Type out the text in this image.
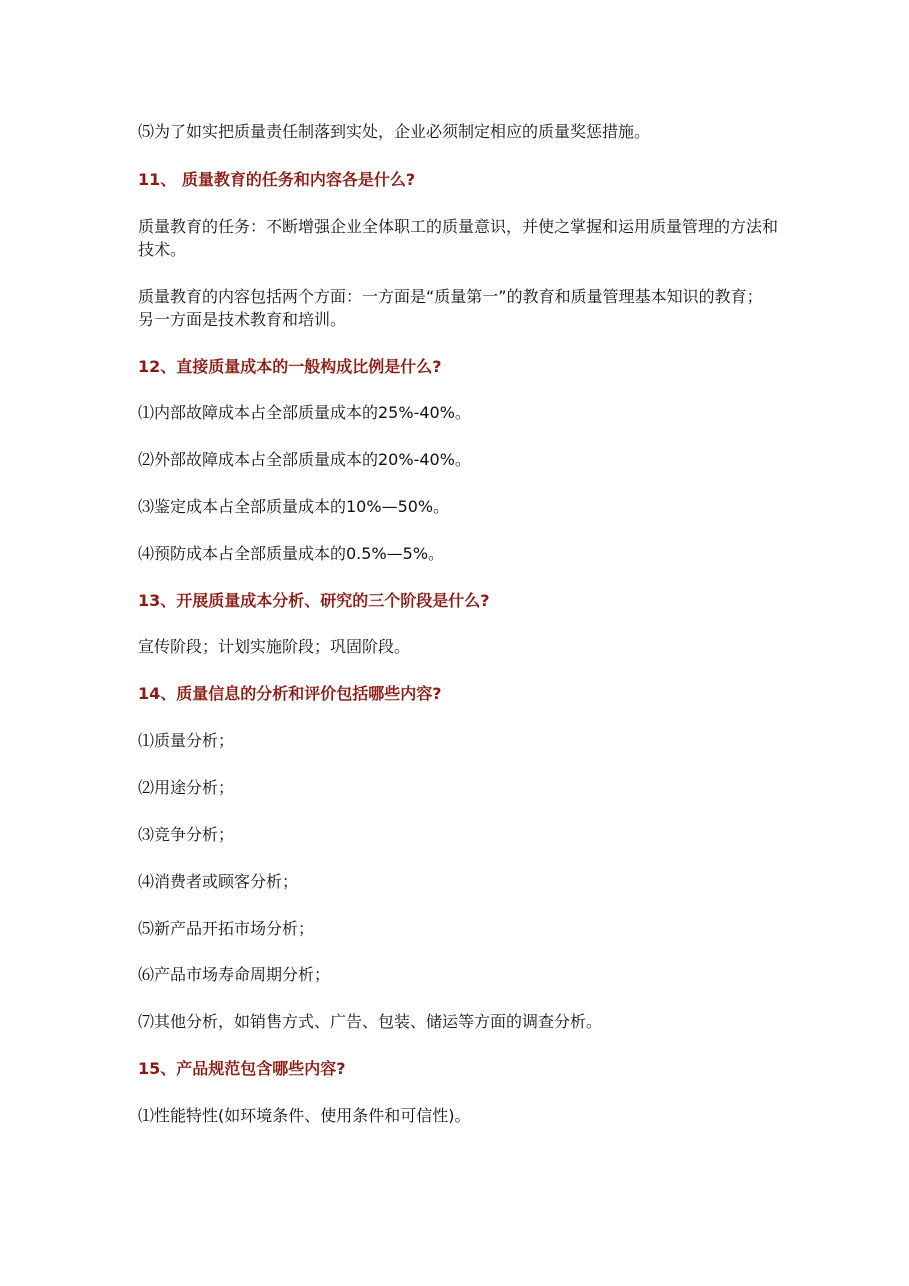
⑸为了如实把质量责任制落到实处，企业必须制定相应的质量奖惩措施。

11、 质量教育的任务和内容各是什么?

质量教育的任务：不断增强企业全体职工的质量意识，并使之掌握和运用质量管理的方法和技术。

质量教育的内容包括两个方面：一方面是“质量第一”的教育和质量管理基本知识的教育；另一方面是技术教育和培训。

12、直接质量成本的一般构成比例是什么?

⑴内部故障成本占全部质量成本的25%-40%。

⑵外部故障成本占全部质量成本的20%-40%。

⑶鉴定成本占全部质量成本的10%—50%。

⑷预防成本占全部质量成本的0.5%—5%。

13、开展质量成本分析、研究的三个阶段是什么?

宣传阶段；计划实施阶段；巩固阶段。

14、质量信息的分析和评价包括哪些内容?

⑴质量分析；

⑵用途分析；

⑶竞争分析；

⑷消费者或顾客分析；

⑸新产品开拓市场分析；

⑹产品市场寿命周期分析；

⑺其他分析，如销售方式、广告、包装、储运等方面的调查分析。

15、产品规范包含哪些内容?

⑴性能特性(如环境条件、使用条件和可信性)。
